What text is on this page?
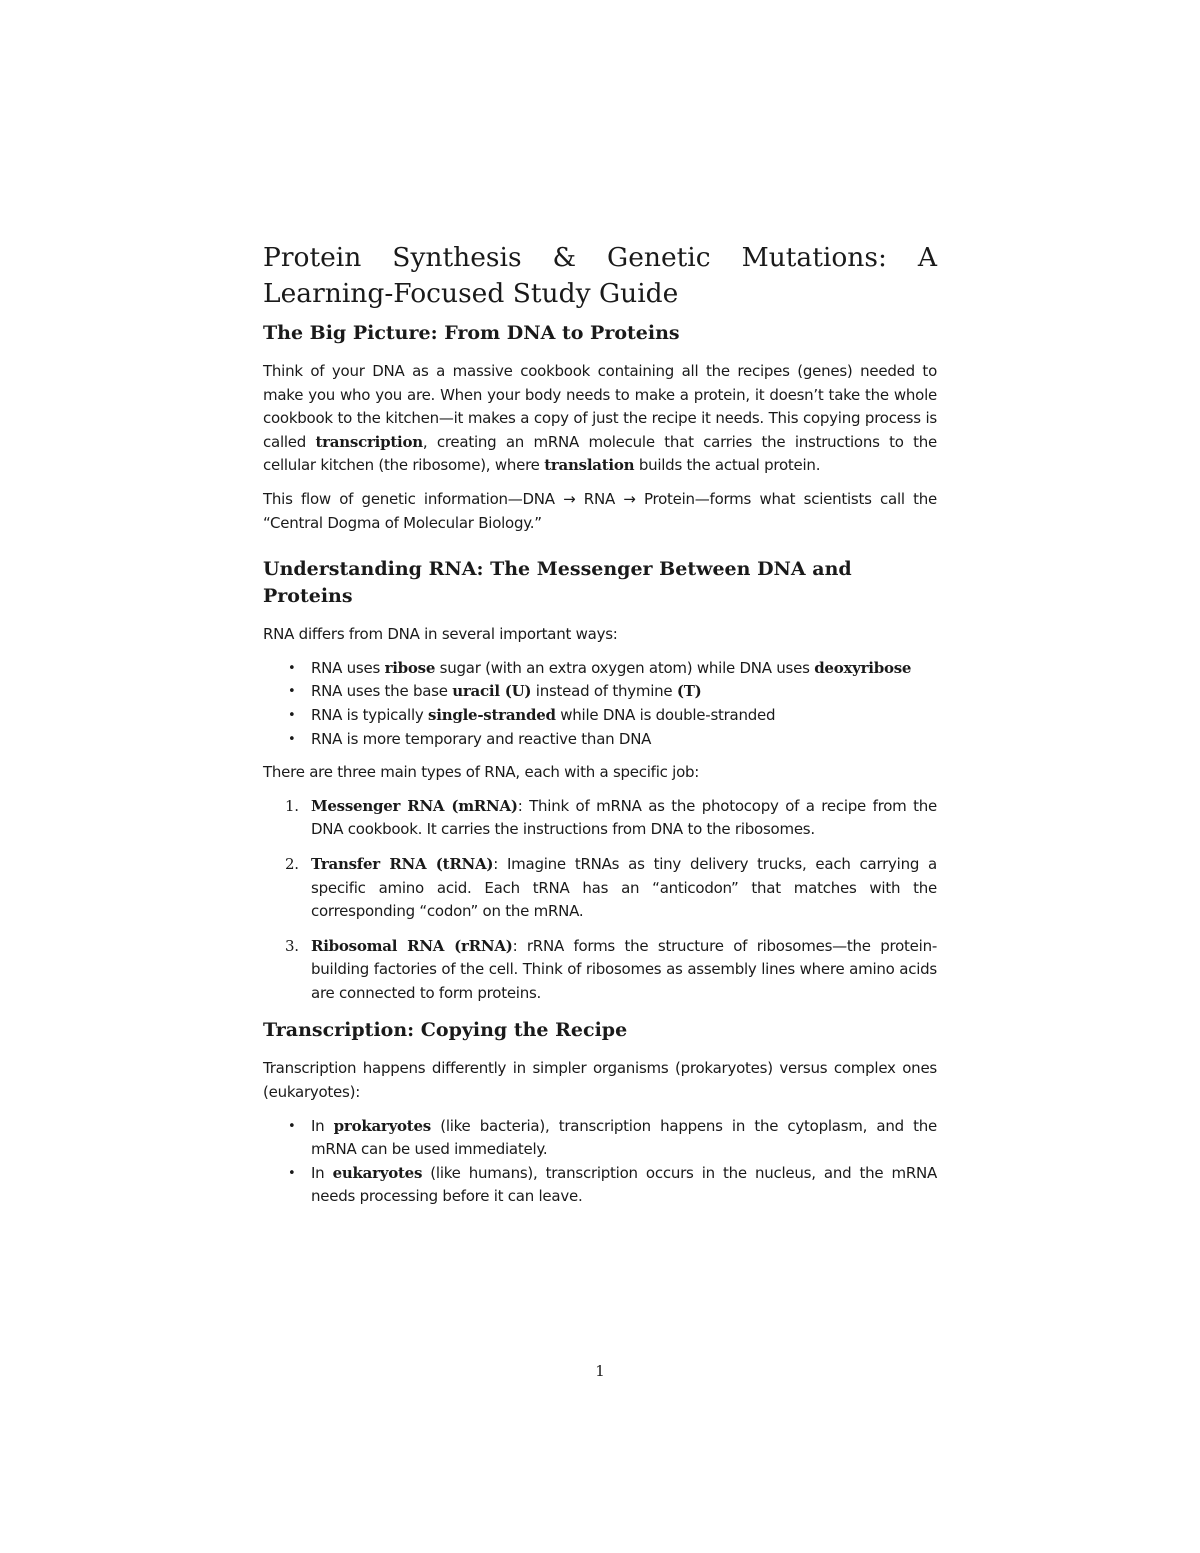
Protein Synthesis & Genetic Mutations: A
Learning-Focused Study Guide
The Big Picture: From DNA to Proteins

Think of your DNA as a massive cookbook containing all the recipes (genes) needed to make you who you are. When your body needs to make a protein, it doesn’t take the whole cookbook to the kitchen—it makes a copy of just the recipe it needs. This copying process is called transcription, creating an mRNA molecule that carries the instructions to the cellular kitchen (the ribosome), where translation builds the actual protein.

This flow of genetic information—DNA → RNA → Protein—forms what scientists call the “Central Dogma of Molecular Biology.”

Understanding RNA: The Messenger Between DNA and Proteins

RNA differs from DNA in several important ways:

• RNA uses ribose sugar (with an extra oxygen atom) while DNA uses deoxyribose
• RNA uses the base uracil (U) instead of thymine (T)
• RNA is typically single-stranded while DNA is double-stranded
• RNA is more temporary and reactive than DNA

There are three main types of RNA, each with a specific job:

1. Messenger RNA (mRNA): Think of mRNA as the photocopy of a recipe from the DNA cookbook. It carries the instructions from DNA to the ribosomes.
2. Transfer RNA (tRNA): Imagine tRNAs as tiny delivery trucks, each carrying a specific amino acid. Each tRNA has an “anticodon” that matches with the corresponding “codon” on the mRNA.
3. Ribosomal RNA (rRNA): rRNA forms the structure of ribosomes—the protein-building factories of the cell. Think of ribosomes as assembly lines where amino acids are connected to form proteins.
Transcription: Copying the Recipe

Transcription happens differently in simpler organisms (prokaryotes) versus complex ones (eukaryotes):

• In prokaryotes (like bacteria), transcription happens in the cytoplasm, and the mRNA can be used immediately.
• In eukaryotes (like humans), transcription occurs in the nucleus, and the mRNA needs processing before it can leave.
1
